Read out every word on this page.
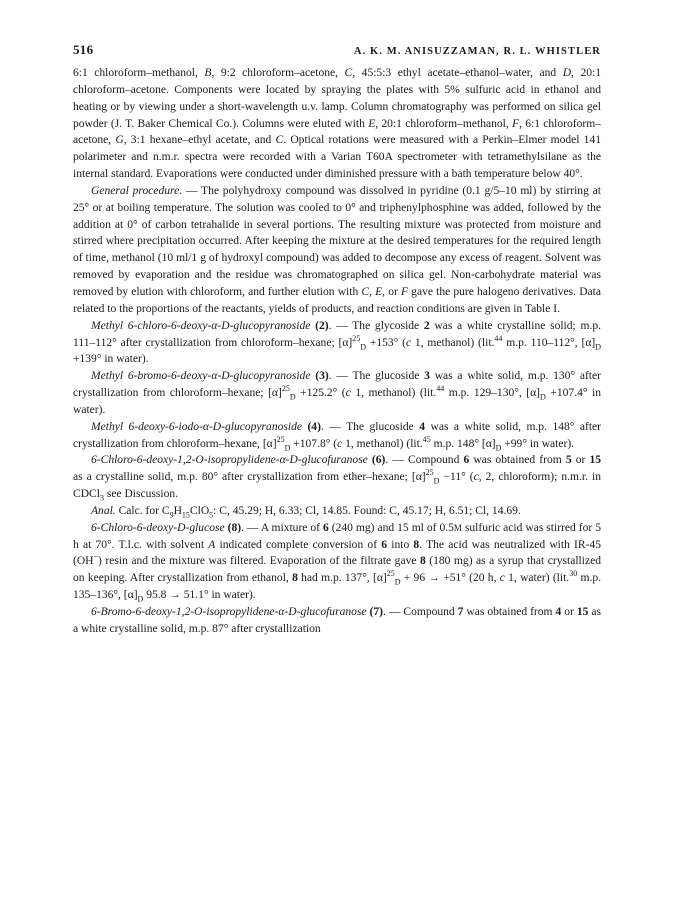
516	A. K. M. ANISUZZAMAN, R. L. WHISTLER

6:1 chloroform–methanol, B, 9:2 chloroform–acetone, C, 45:5:3 ethyl acetate–ethanol–water, and D, 20:1 chloroform–acetone. Components were located by spraying the plates with 5% sulfuric acid in ethanol and heating or by viewing under a short-wavelength u.v. lamp. Column chromatography was performed on silica gel powder (J. T. Baker Chemical Co.). Columns were eluted with E, 20:1 chloroform–methanol, F, 6:1 chloroform–acetone, G, 3:1 hexane–ethyl acetate, and C. Optical rotations were measured with a Perkin–Elmer model 141 polarimeter and n.m.r. spectra were recorded with a Varian T60A spectrometer with tetramethylsilane as the internal standard. Evaporations were conducted under diminished pressure with a bath temperature below 40°.

General procedure. — The polyhydroxy compound was dissolved in pyridine (0.1 g/5–10 ml) by stirring at 25° or at boiling temperature. The solution was cooled to 0° and triphenylphosphine was added, followed by the addition at 0° of carbon tetrahalide in several portions. The resulting mixture was protected from moisture and stirred where precipitation occurred. After keeping the mixture at the desired temperatures for the required length of time, methanol (10 ml/1 g of hydroxyl compound) was added to decompose any excess of reagent. Solvent was removed by evaporation and the residue was chromatographed on silica gel. Non-carbohydrate material was removed by elution with chloroform, and further elution with C, E, or F gave the pure halogeno derivatives. Data related to the proportions of the reactants, yields of products, and reaction conditions are given in Table I.

Methyl 6-chloro-6-deoxy-α-D-glucopyranoside (2). — The glycoside 2 was a white crystalline solid; m.p. 111–112° after crystallization from chloroform–hexane; $[\alpha]^{25}_D +153^\circ$ (c 1, methanol) (lit.$^{44}$ m.p. 110–112°, $[\alpha]_D +139^\circ$ in water).

Methyl 6-bromo-6-deoxy-α-D-glucopyranoside (3). — The glucoside 3 was a white solid, m.p. 130° after crystallization from chloroform–hexane; $[\alpha]^{25}_D +125.2^\circ$ (c 1, methanol) (lit.$^{44}$ m.p. 129–130°, $[\alpha]_D +107.4^\circ$ in water).

Methyl 6-deoxy-6-iodo-α-D-glucopyranoside (4). — The glucoside 4 was a white solid, m.p. 148° after crystallization from chloroform–hexane, $[\alpha]^{25}_D +107.8^\circ$ (c 1, methanol) (lit.$^{45}$ m.p. 148° $[\alpha]_D +99^\circ$ in water).

6-Chloro-6-deoxy-1,2-O-isopropylidene-α-D-glucofuranose (6). — Compound 6 was obtained from 5 or 15 as a crystalline solid, m.p. 80° after crystallization from ether–hexane; $[\alpha]^{25}_D -11^\circ$ (c, 2, chloroform); n.m.r. in CDCl$_3$ see Discussion.

Anal. Calc. for $C_9H_{15}ClO_5$: C, 45.29; H, 6.33; Cl, 14.85. Found: C, 45.17; H, 6.51; Cl, 14.69.

6-Chloro-6-deoxy-D-glucose (8). — A mixture of 6 (240 mg) and 15 ml of 0.5M sulfuric acid was stirred for 5 h at 70°. T.l.c. with solvent A indicated complete conversion of 6 into 8. The acid was neutralized with IR-45 (OH−) resin and the mixture was filtered. Evaporation of the filtrate gave 8 (180 mg) as a syrup that crystallized on keeping. After crystallization from ethanol, 8 had m.p. 137°, $[\alpha]^{25}_D + 96 \to +51^\circ$ (20 h, c 1, water) (lit.$^{30}$ m.p. 135–136°, $[\alpha]_D$ 95.8 → 51.1° in water).

6-Bromo-6-deoxy-1,2-O-isopropylidene-α-D-glucofuranose (7). — Compound 7 was obtained from 4 or 15 as a white crystalline solid, m.p. 87° after crystallization
